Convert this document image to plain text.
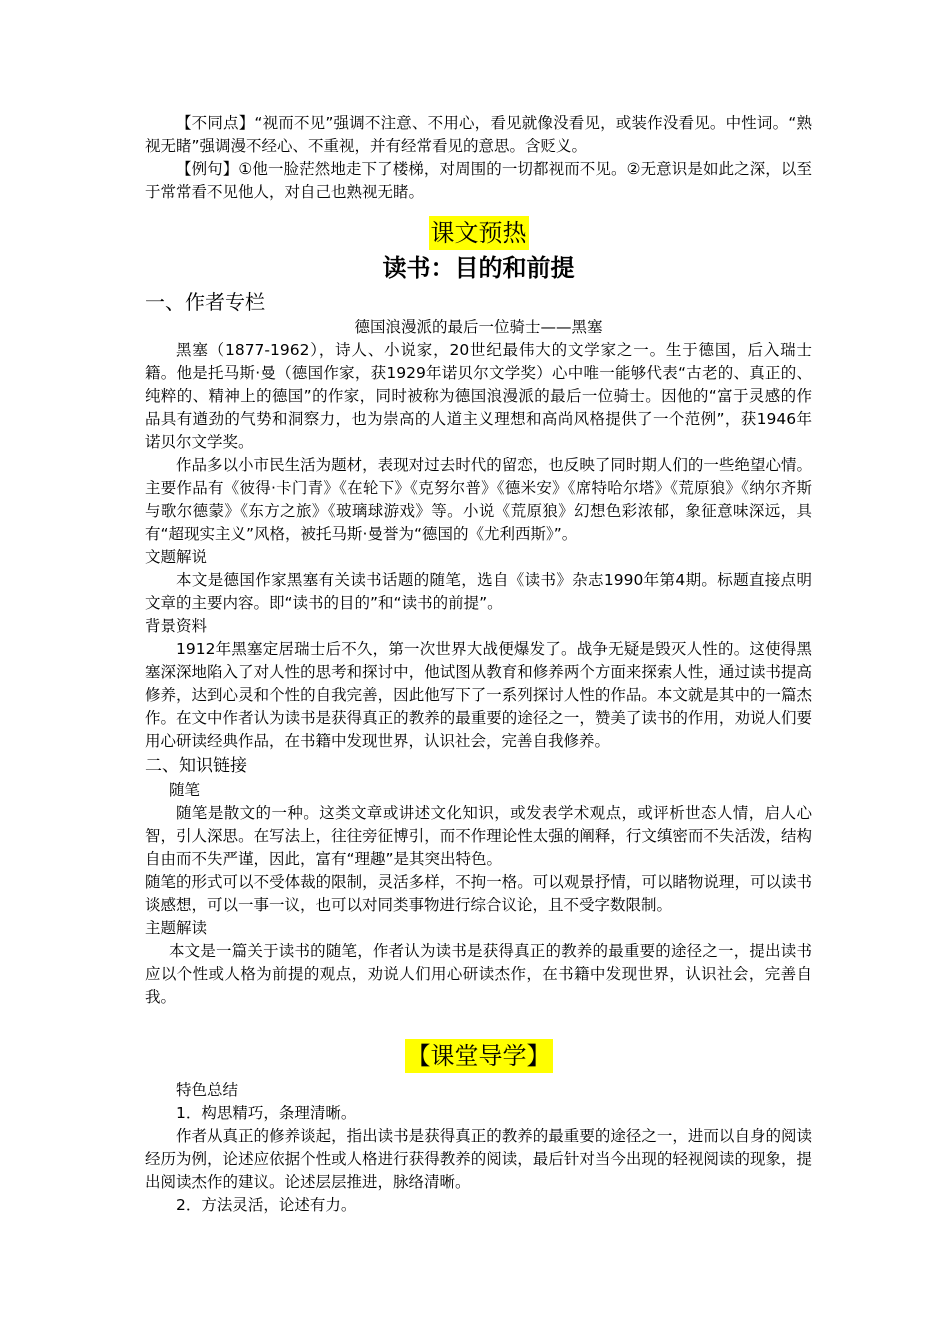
【不同点】“视而不见”强调不注意、不用心，看见就像没看见，或装作没看见。中性词。“熟视无睹”强调漫不经心、不重视，并有经常看见的意思。含贬义。

【例句】①他一脸茫然地走下了楼梯，对周围的一切都视而不见。②无意识是如此之深，以至于常常看不见他人，对自己也熟视无睹。

课文预热
读书：目的和前提
一、作者专栏

德国浪漫派的最后一位骑士——黑塞

黑塞（1877-1962），诗人、小说家，20世纪最伟大的文学家之一。生于德国，后入瑞士籍。他是托马斯·曼（德国作家，获1929年诺贝尔文学奖）心中唯一能够代表“古老的、真正的、纯粹的、精神上的德国”的作家，同时被称为德国浪漫派的最后一位骑士。因他的“富于灵感的作品具有遒劲的气势和洞察力，也为崇高的人道主义理想和高尚风格提供了一个范例”，获1946年诺贝尔文学奖。

作品多以小市民生活为题材，表现对过去时代的留恋，也反映了同时期人们的一些绝望心情。主要作品有《彼得·卡门青》《在轮下》《克努尔普》《德米安》《席特哈尔塔》《荒原狼》《纳尔齐斯与歌尔德蒙》《东方之旅》《玻璃球游戏》等。小说《荒原狼》幻想色彩浓郁，象征意味深远，具有“超现实主义”风格，被托马斯·曼誉为“德国的《尤利西斯》”。

文题解说

本文是德国作家黑塞有关读书话题的随笔，选自《读书》杂志1990年第4期。标题直接点明文章的主要内容。即“读书的目的”和“读书的前提”。

背景资料

1912年黑塞定居瑞士后不久，第一次世界大战便爆发了。战争无疑是毁灭人性的。这使得黑塞深深地陷入了对人性的思考和探讨中，他试图从教育和修养两个方面来探索人性，通过读书提高修养，达到心灵和个性的自我完善，因此他写下了一系列探讨人性的作品。本文就是其中的一篇杰作。在文中作者认为读书是获得真正的教养的最重要的途径之一，赞美了读书的作用，劝说人们要用心研读经典作品，在书籍中发现世界，认识社会，完善自我修养。

二、知识链接

随笔

随笔是散文的一种。这类文章或讲述文化知识，或发表学术观点，或评析世态人情，启人心智，引人深思。在写法上，往往旁征博引，而不作理论性太强的阐释，行文缜密而不失活泼，结构自由而不失严谨，因此，富有“理趣”是其突出特色。

随笔的形式可以不受体裁的限制，灵活多样，不拘一格。可以观景抒情，可以睹物说理，可以读书谈感想，可以一事一议，也可以对同类事物进行综合议论，且不受字数限制。

主题解读

本文是一篇关于读书的随笔，作者认为读书是获得真正的教养的最重要的途径之一，提出读书应以个性或人格为前提的观点，劝说人们用心研读杰作，在书籍中发现世界，认识社会，完善自我。

【课堂导学】

特色总结

1．构思精巧，条理清晰。

作者从真正的修养谈起，指出读书是获得真正的教养的最重要的途径之一，进而以自身的阅读经历为例，论述应依据个性或人格进行获得教养的阅读，最后针对当今出现的轻视阅读的现象，提出阅读杰作的建议。论述层层推进，脉络清晰。

2．方法灵活，论述有力。
